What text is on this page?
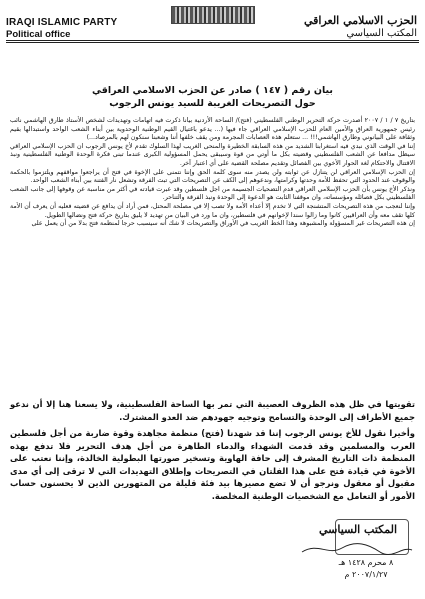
IRAQI ISLAMIC PARTY
Political office
الحزب الاسلامي العراقي
المكتب السياسي
بيان رقم ( ١٤٧ ) صادر عن الحزب الاسلامي العراقي
حول التصريحات الغريبة للسيد يونس الرجوب

بتاريخ ٧ / ١ / ٢٠٠٧ أصدرت حركة التحرير الوطني الفلسطيني (فتح)/ الساحة الأردنية بيانا ذكرت فيه اتهامات وتهديدات لشخص الأستاذ طارق الهاشمي نائب رئيس جمهورية العراق والأمين العام للحزب الإسلامي العراقي جاء فيها (... يدعو باغتيال القيم الوطنية الوحدوية بين أبناء الشعب الواحد واستبدالها بقيم وثقافة على البيانوني وطارق الهاشمي!!! ... ستعلم هذه العصابات المجرمة ومن يقف خلفها أننا وشعبنا سنكون لهم بالمرصاد...)

إننا في الوقت الذي نبدي فيه استغرابنا الشديد من هذه السابقة الخطيرة والمنحى الغريب لهذا السلوك تقدم لأخ يونس الرجوب ان الحزب الإسلامي العراقي سيظل مدافعا عن الشعب الفلسطيني وقضيته بكل ما أوتي من قوة وسيبقى يحمل المسؤولية الكبرى عندما تبنى فكرة الوحدة الوطنية الفلسطينية ونبذ الاقتتال والاحتكام لغة الحوار الأخوي بين الفصائل وتقديم مصلحة القضية على أي اعتبار آخر.

إن الحزب الإسلامي العراقي لن يتنازل عن ثوابته ولن يصدر منه سوى كلمة الحق وإننا نتمنى على الإخوة في فتح أن يراجعوا مواقفهم ويلتزموا بالحكمة والوقوف عند الحدود التي تحفظ للأمة وحدتها وكرامتها، وندعوهم إلى الكف عن التصريحات التي تبث الفرقة وتشعل نار الفتنة بين أبناء الشعب الواحد.

ونذكر الأخ يونس بأن الحزب الإسلامي العراقي قدم التضحيات الجسيمة من اجل فلسطين وقد عبرت قيادته في أكثر من مناسبة عن وقوفها إلى جانب الشعب الفلسطيني بكل فصائله ومؤسساته، وان موقفنا الثابت هو الدعوة إلى الوحدة ونبذ الفرقة والتناحر.

وإننا لنعجب من هذه التصريحات المتشنجة التي لا تخدم إلا أعداء الأمة ولا تصب إلا في مصلحة المحتل، فمن أراد أن يدافع عن قضيته فعليه أن يعرف أن الأمة كلها تقف معه وأن العراقيين كانوا وما زالوا سندا لإخوانهم في فلسطين، وان ما ورد في البيان من تهديد لا يليق بتاريخ حركة فتح ونضالها الطويل.

إن هذه التصريحات غير المسؤولة والمشبوهة وهذا الخط الغريب في الأوراق والتصريحات لا شك أنه سيسبب حرجا لمنظمة فتح بدلا من أن يعمل على

تقويتها في ظل هذه الظروف العصيبة التي تمر بها الساحة الفلسطينية، ولا يسعنا هنا إلا أن ندعو جميع الأطراف إلى الوحدة والتسامح وتوجيه جهودهم ضد العدو المشترك.

وأخيرا نقول للأخ يونس الرجوب إننا قد شهدنا (فتح) منظمة مجاهدة وقوة ضاربة من أجل فلسطين العرب والمسلمين وقد قدمت الشهداء والدماء الطاهرة من أجل هدف التحرير فلا تدفع بهذه المنظمة ذات التاريخ المشرف إلى حافة الهاوية وتسخير صورتها البطولية الخالدة، وإننا نعتب على الأخوة في قيادة فتح على هذا الفلتان في التصريحات وإطلاق التهديدات التي لا ترقى إلى أي مدى مقبول أو معقول ونرجو أن لا تضع مصيرها بيد فئة قليلة من المتهورين الذين لا يحسنون حساب الأمور أو التعامل مع الشخصيات الوطنية المخلصة.

المكتب السياسي
٨ محرم ١٤٢٨ هـ
٢٠٠٧/١/٢٧ م
